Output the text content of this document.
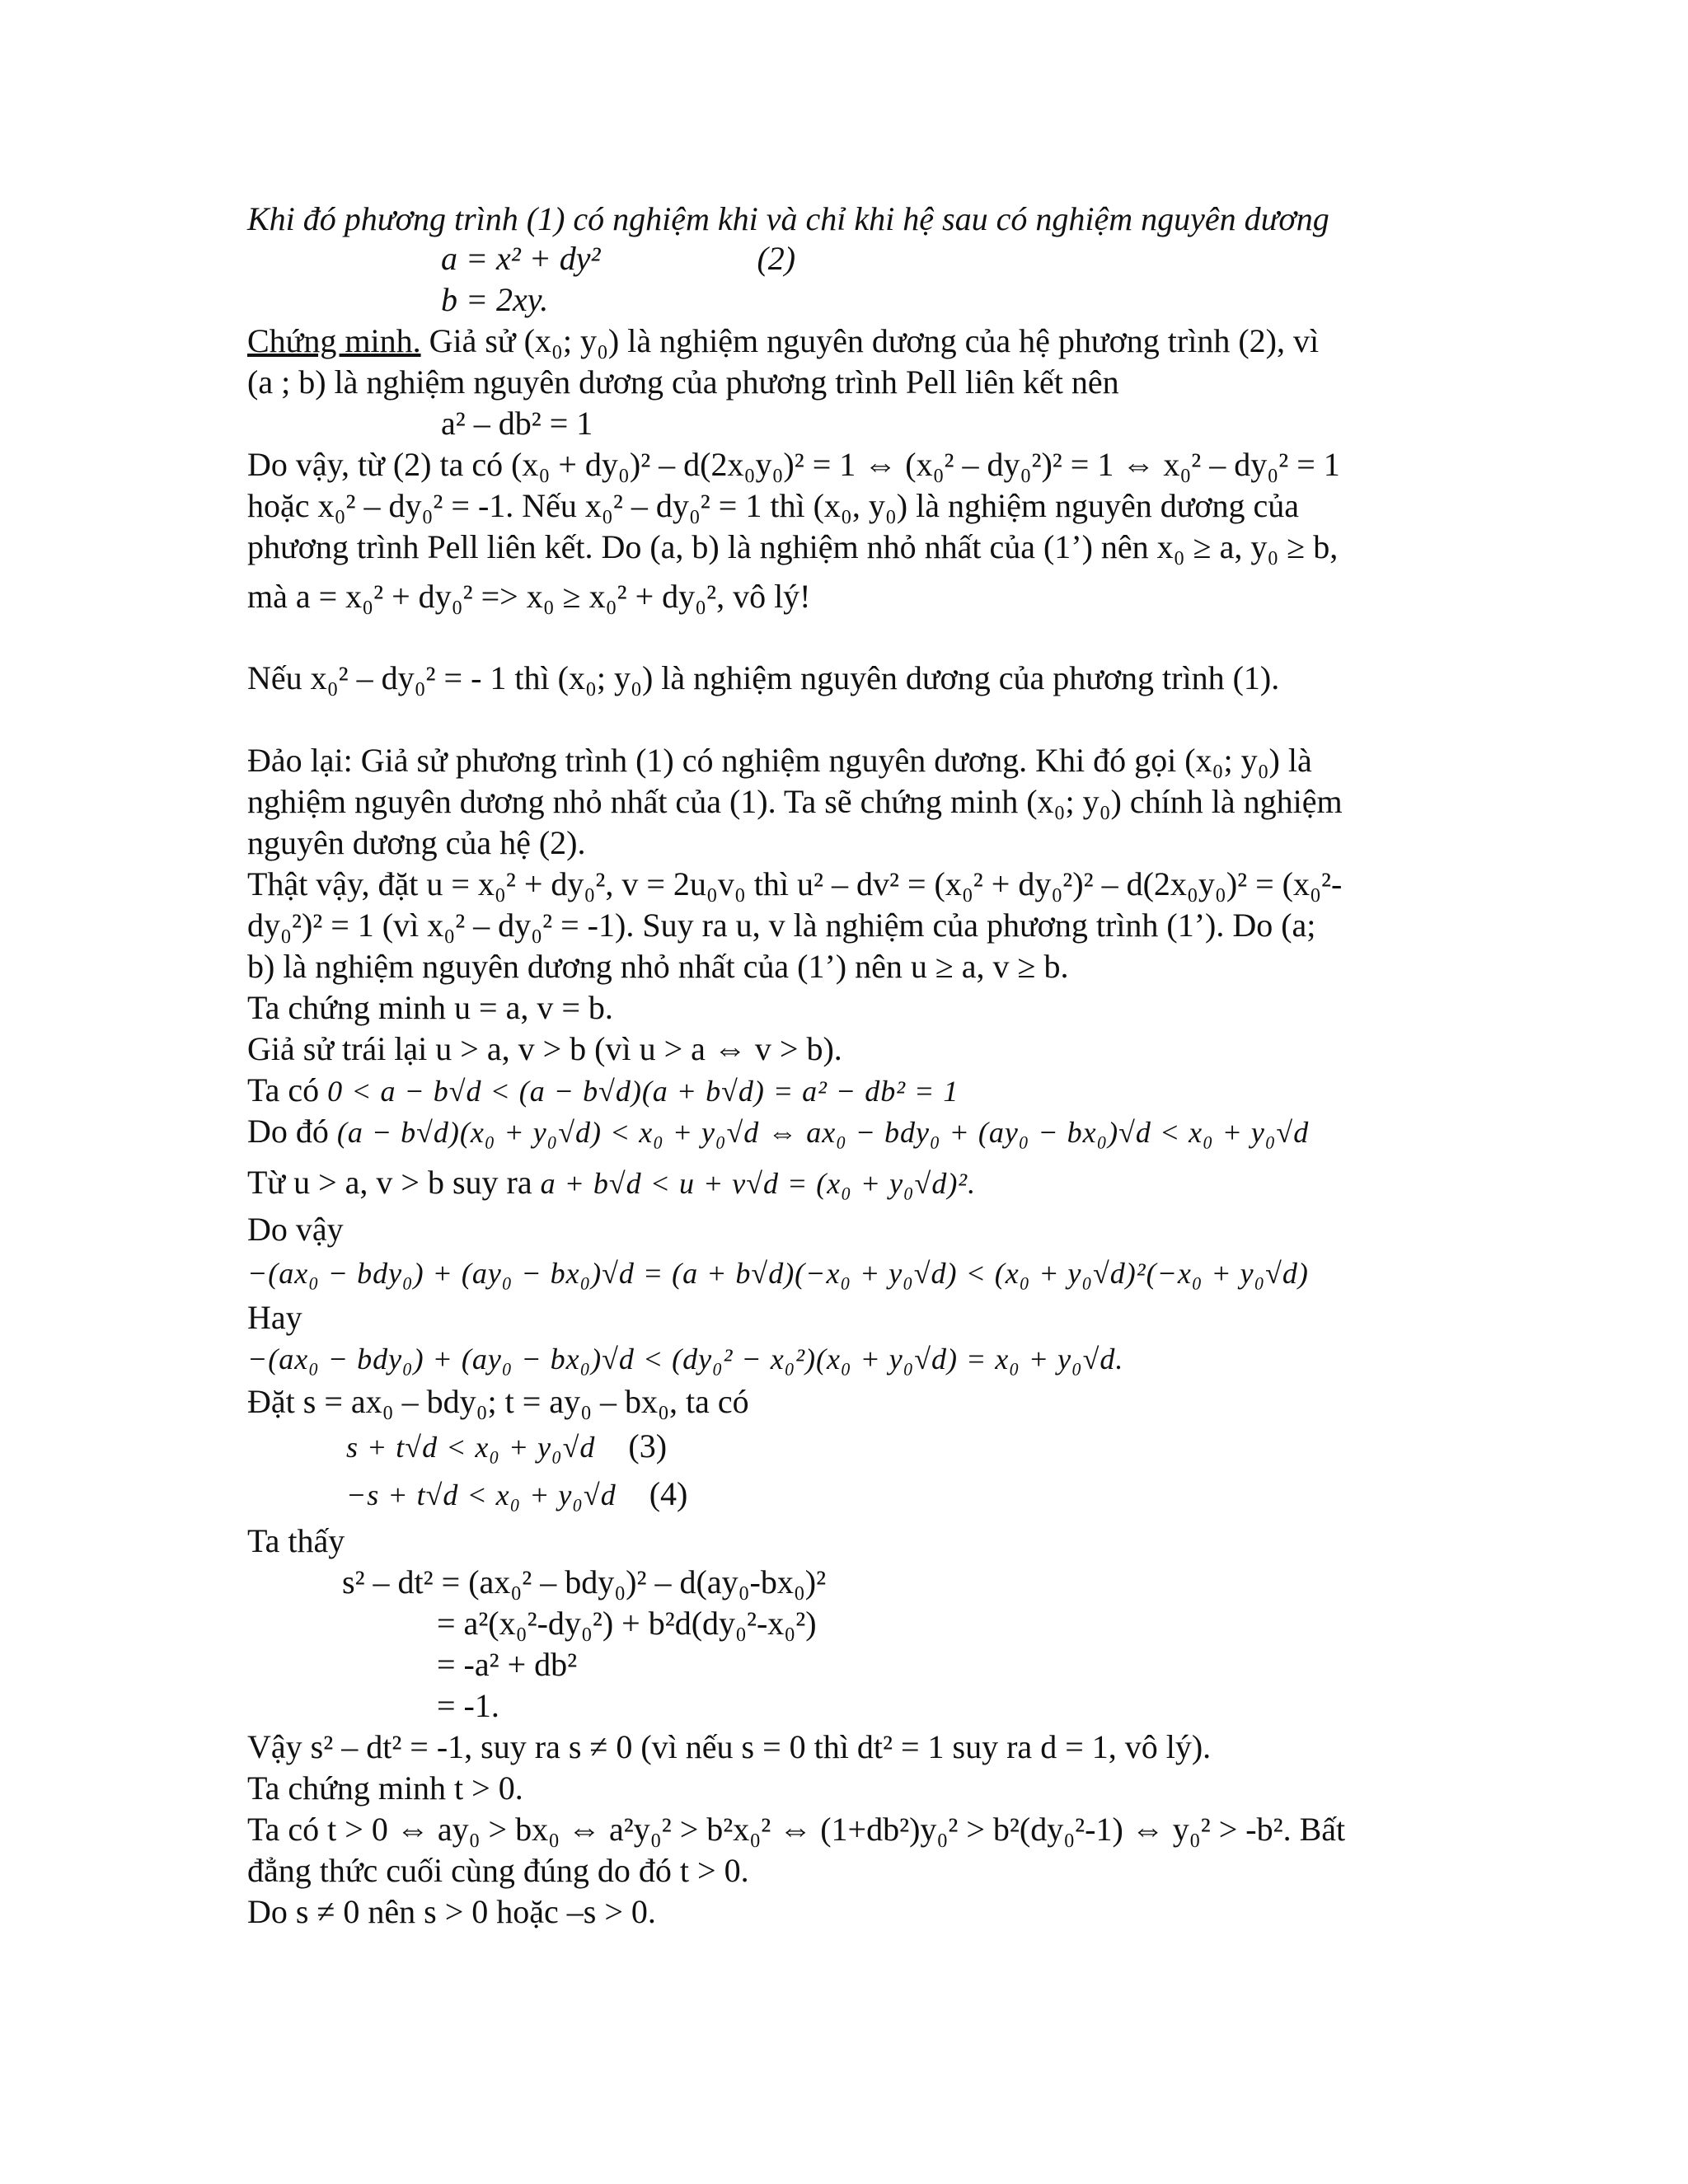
Khi đó phương trình (1) có nghiệm khi và chỉ khi hệ sau có nghiệm nguyên dương
a = x² + dy²	(2)
b = 2xy.
Chứng minh. Giả sử (x₀; y₀) là nghiệm nguyên dương của hệ phương trình (2), vì
(a ; b) là nghiệm nguyên dương của phương trình Pell liên kết nên
a² – db² = 1
Do vậy, từ (2) ta có (x₀ + dy₀)² – d(2x₀y₀)² = 1 ⇔ (x₀² – dy₀²)² = 1 ⇔ x₀² – dy₀² = 1
hoặc x₀² – dy₀² = -1. Nếu x₀² – dy₀² = 1 thì (x₀, y₀) là nghiệm nguyên dương của
phương trình Pell liên kết. Do (a, b) là nghiệm nhỏ nhất của (1’) nên x₀ ≥ a, y₀ ≥ b,
mà a = x₀² + dy₀² => x₀ ≥ x₀² + dy₀², vô lý!
Nếu x₀² – dy₀² = - 1 thì (x₀; y₀) là nghiệm nguyên dương của phương trình (1).
Đảo lại: Giả sử phương trình (1) có nghiệm nguyên dương. Khi đó gọi (x₀; y₀) là
nghiệm nguyên dương nhỏ nhất của (1). Ta sẽ chứng minh (x₀; y₀) chính là nghiệm
nguyên dương của hệ (2).
Thật vậy, đặt u = x₀² + dy₀², v = 2u₀v₀ thì u² – dv² = (x₀² + dy₀²)² – d(2x₀y₀)² = (x₀²-
dy₀²)² = 1 (vì x₀² – dy₀² = -1). Suy ra u, v là nghiệm của phương trình (1’). Do (a;
b) là nghiệm nguyên dương nhỏ nhất của (1’) nên u ≥ a, v ≥ b.
Ta chứng minh u = a, v = b.
Giả sử trái lại u > a, v > b (vì u > a ⇔ v > b).
Ta có 0 < a − b√d < (a − b√d)(a + b√d) = a² − db² = 1
Do đó (a − b√d)(x₀ + y₀√d) < x₀ + y₀√d ⇔ ax₀ − bdy₀ + (ay₀ − bx₀)√d < x₀ + y₀√d
Từ u > a, v > b suy ra a + b√d < u + v√d = (x₀ + y₀√d)².
Do vậy
−(ax₀ − bdy₀) + (ay₀ − bx₀)√d = (a + b√d)(−x₀ + y₀√d) < (x₀ + y₀√d)²(−x₀ + y₀√d)
Hay
−(ax₀ − bdy₀) + (ay₀ − bx₀)√d < (dy₀² − x₀²)(x₀ + y₀√d) = x₀ + y₀√d.
Đặt s = ax₀ – bdy₀; t = ay₀ – bx₀, ta có
s + t√d < x₀ + y₀√d (3)
−s + t√d < x₀ + y₀√d (4)
Ta thấy
s² – dt² = (ax₀² – bdy₀)² – d(ay₀-bx₀)²
= a²(x₀²-dy₀²) + b²d(dy₀²-x₀²)
= -a² + db²
= -1.
Vậy s² – dt² = -1, suy ra s ≠ 0 (vì nếu s = 0 thì dt² = 1 suy ra d = 1, vô lý).
Ta chứng minh t > 0.
Ta có t > 0 ⇔ ay₀ > bx₀ ⇔ a²y₀² > b²x₀² ⇔ (1+db²)y₀² > b²(dy₀²-1) ⇔ y₀² > -b². Bất
đẳng thức cuối cùng đúng do đó t > 0.
Do s ≠ 0 nên s > 0 hoặc –s > 0.
